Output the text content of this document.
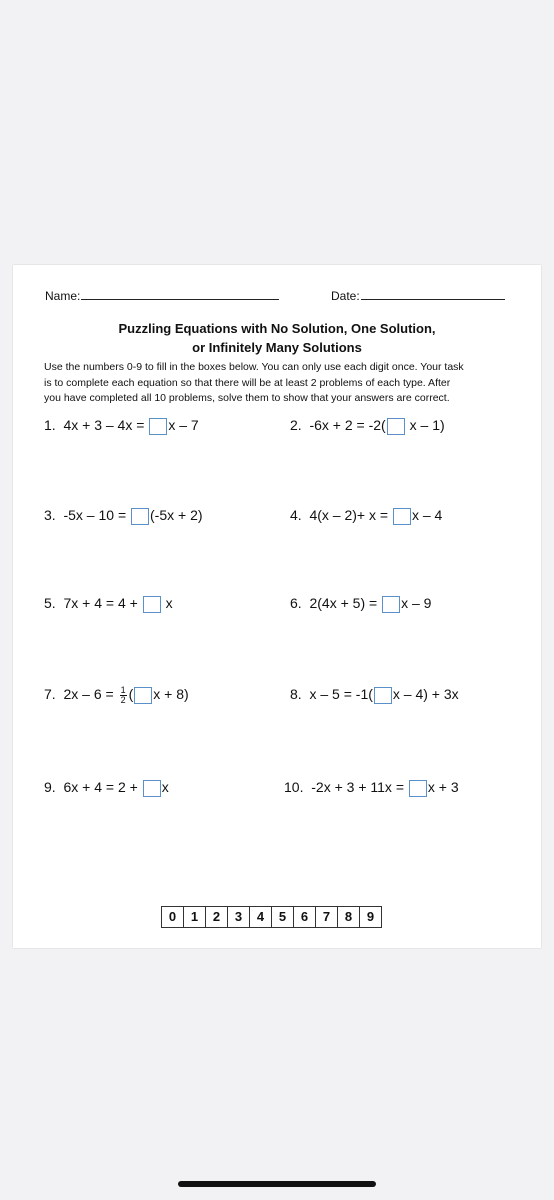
Name:	Date:
Puzzling Equations with No Solution, One Solution,
or Infinitely Many Solutions
Use the numbers 0-9 to fill in the boxes below. You can only use each digit once. Your task
is to complete each equation so that there will be at least 2 problems of each type. After
you have completed all 10 problems, solve them to show that your answers are correct.
1. 4x + 3 – 4x = x – 7	2. -6x + 2 = -2( x – 1)
3. -5x – 10 = (-5x + 2)	4. 4(x – 2)+ x = x – 4
5.  7x + 4 = 4 +  x	6. 2(4x + 5) = x – 9
7. $2x - 6 = \frac{1}{2}$ ( x + 8)	8. x – 5 = -1( x – 4) + 3x
9. 6x + 4 = 2 + x	10. -2x + 3 + 11x = x + 3
0	1	2	3	4	5	6	7	8	9
